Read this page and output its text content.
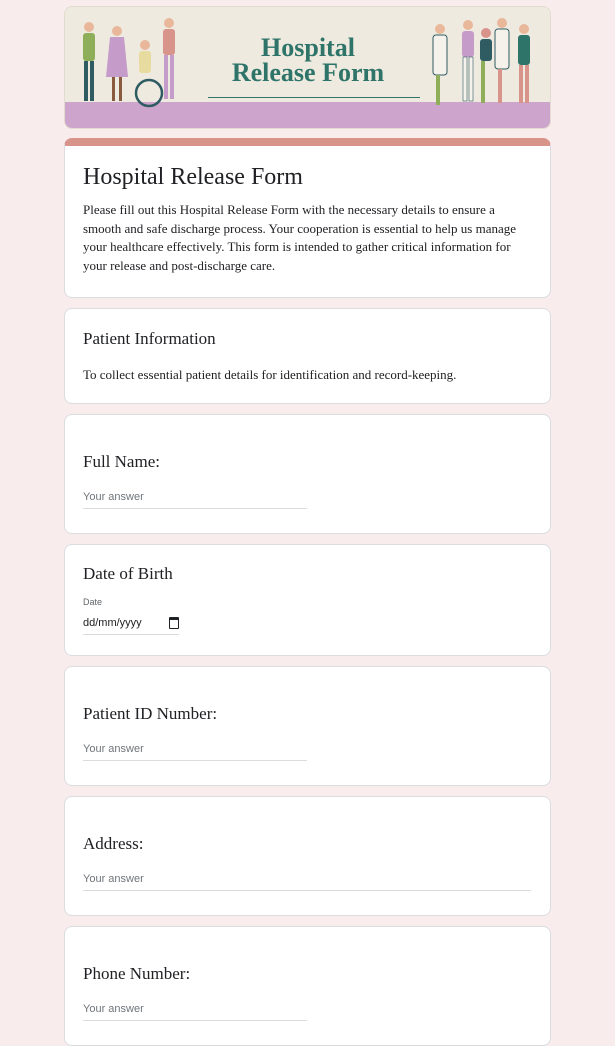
Hospital
Release Form
Hospital Release Form

Please fill out this Hospital Release Form with the necessary details to ensure a smooth and safe discharge process. Your cooperation is essential to help us manage your healthcare effectively. This form is intended to gather critical information for your release and post-discharge care.

Patient Information

To collect essential patient details for identification and record-keeping.

Full Name:
Your answer
Date of Birth
Date
dd/mm/yyyy
Patient ID Number:
Your answer
Address:
Your answer
Phone Number:
Your answer
